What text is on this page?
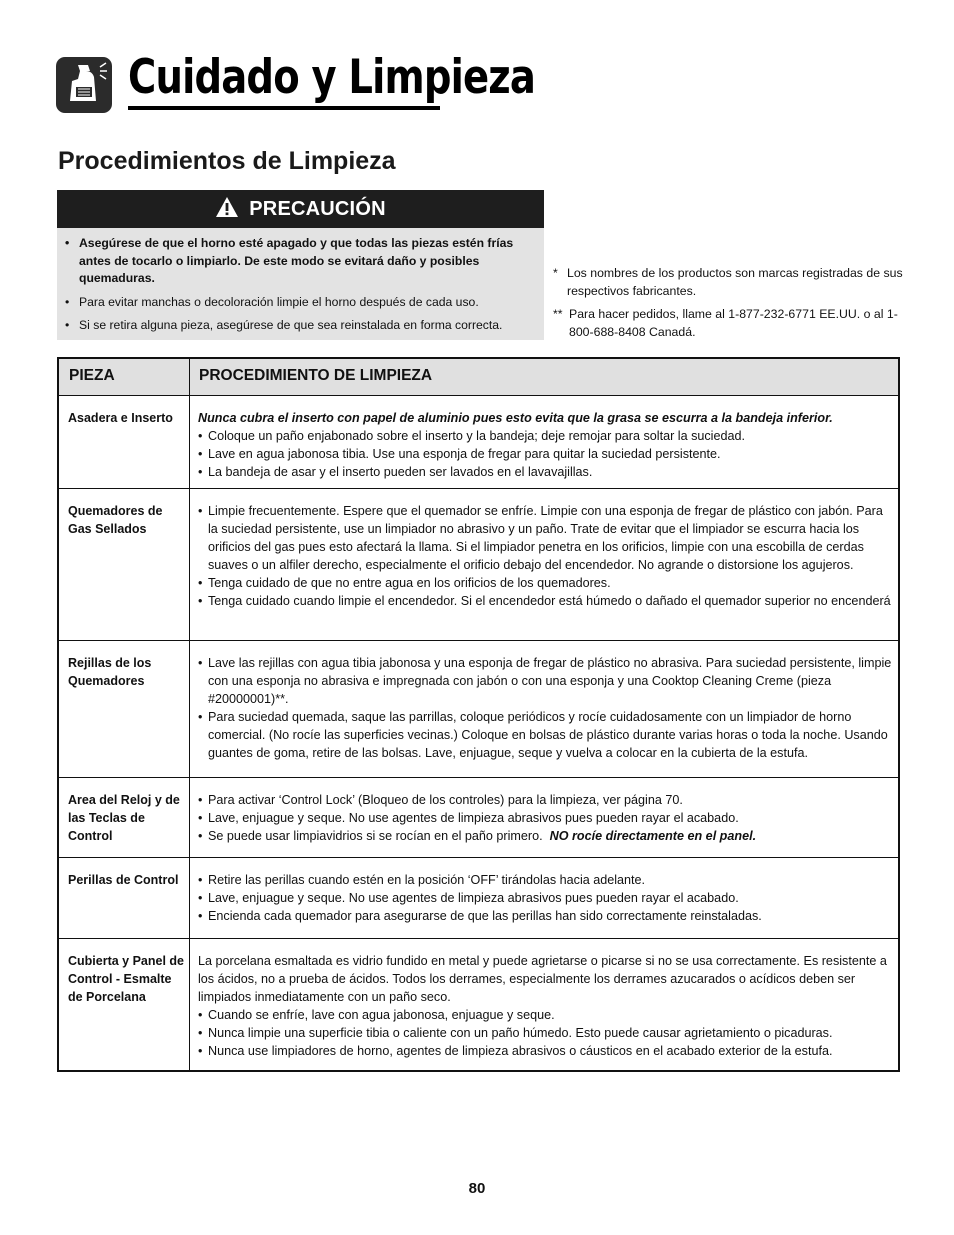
Cuidado y Limpieza
Procedimientos de Limpieza
PRECAUCIÓN
• Asegúrese de que el horno esté apagado y que todas las piezas estén frías antes de tocarlo o limpiarlo. De este modo se evitará daño y posibles quemaduras.
• Para evitar manchas o decoloración limpie el horno después de cada uso.
• Si se retira alguna pieza, asegúrese de que sea reinstalada en forma correcta.
* Los nombres de los productos son marcas registradas de sus respectivos fabricantes.
** Para hacer pedidos, llame al 1-877-232-6771 EE.UU. o al 1-800-688-8408 Canadá.
PIEZA	PROCEDIMIENTO DE LIMPIEZA
Asadera e Inserto	Nunca cubra el inserto con papel de aluminio pues esto evita que la grasa se escurra a la bandeja inferior.
• Coloque un paño enjabonado sobre el inserto y la bandeja; deje remojar para soltar la suciedad.
• Lave en agua jabonosa tibia. Use una esponja de fregar para quitar la suciedad persistente.
• La bandeja de asar y el inserto pueden ser lavados en el lavavajillas.
Quemadores de Gas Sellados
• Limpie frecuentemente. Espere que el quemador se enfríe. Limpie con una esponja de fregar de plástico con jabón. Para la suciedad persistente, use un limpiador no abrasivo y un paño. Trate de evitar que el limpiador se escurra hacia los orificios del gas pues esto afectará la llama. Si el limpiador penetra en los orificios, limpie con una escobilla de cerdas suaves o un alfiler derecho, especialmente el orificio debajo del encendedor. No agrande o distorsione los agujeros.
• Tenga cuidado de que no entre agua en los orificios de los quemadores.
• Tenga cuidado cuando limpie el encendedor. Si el encendedor está húmedo o dañado el quemador superior no encenderá
Rejillas de los Quemadores
• Lave las rejillas con agua tibia jabonosa y una esponja de fregar de plástico no abrasiva. Para suciedad persistente, limpie con una esponja no abrasiva e impregnada con jabón o con una esponja y una Cooktop Cleaning Creme (pieza #20000001)**.
• Para suciedad quemada, saque las parrillas, coloque periódicos y rocíe cuidadosamente con un limpiador de horno comercial. (No rocíe las superficies vecinas.) Coloque en bolsas de plástico durante varias horas o toda la noche. Usando guantes de goma, retire de las bolsas. Lave, enjuague, seque y vuelva a colocar en la cubierta de la estufa.
Area del Reloj y de las Teclas de Control
• Para activar ‘Control Lock’ (Bloqueo de los controles) para la limpieza, ver página 70.
• Lave, enjuague y seque. No use agentes de limpieza abrasivos pues pueden rayar el acabado.
• Se puede usar limpiavidrios si se rocían en el paño primero. NO rocíe directamente en el panel.
Perillas de Control
•	Retire las perillas cuando estén en la posición ‘OFF’ tirándolas hacia adelante.
• Lave, enjuague y seque. No use agentes de limpieza abrasivos pues pueden rayar el acabado.
• Encienda cada quemador para asegurarse de que las perillas han sido correctamente reinstaladas.
Cubierta y Panel de Control - Esmalte de Porcelana
La porcelana esmaltada es vidrio fundido en metal y puede agrietarse o picarse si no se usa correctamente. Es resistente a los ácidos, no a prueba de ácidos. Todos los derrames, especialmente los derrames azucarados o acídicos deben ser limpiados inmediatamente con un paño seco.
• Cuando se enfríe, lave con agua jabonosa, enjuague y seque.
• Nunca limpie una superficie tibia o caliente con un paño húmedo. Esto puede causar agrietamiento o picaduras.
• Nunca use limpiadores de horno, agentes de limpieza abrasivos o cáusticos en el acabado exterior de la estufa.
80
